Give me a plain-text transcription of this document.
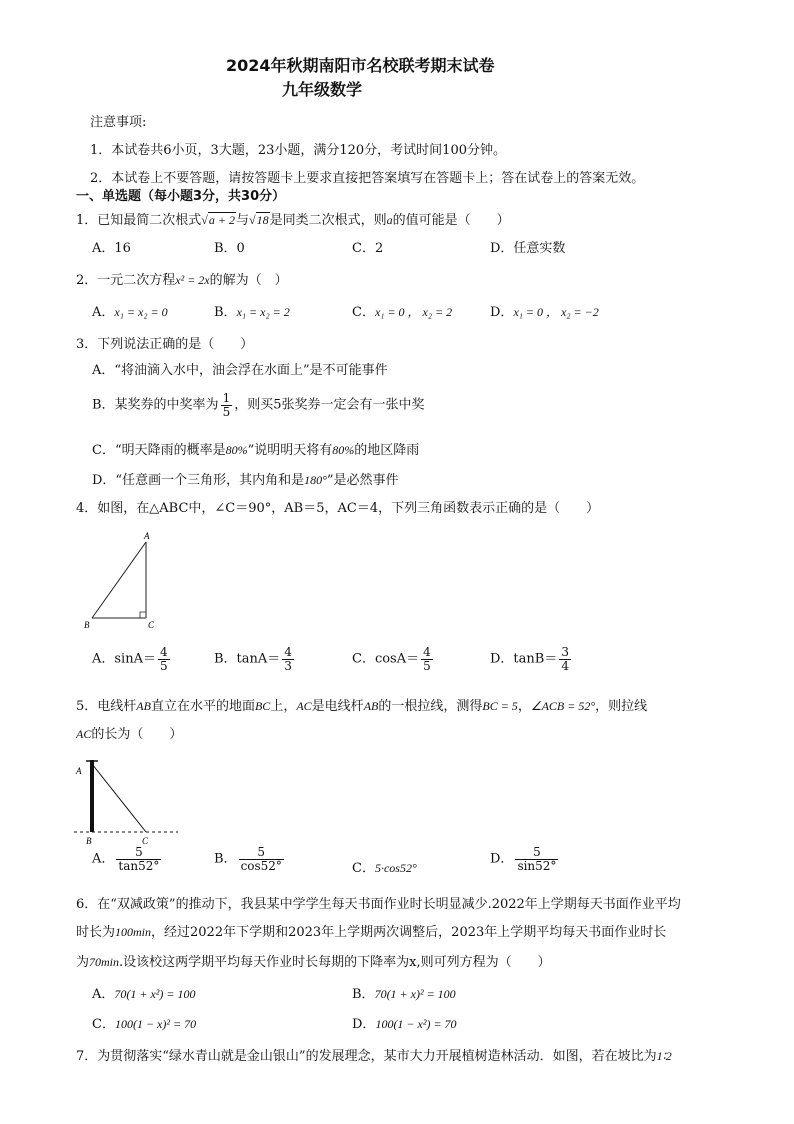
2024年秋期南阳市名校联考期末试卷
九年级数学
注意事项:
1．本试卷共6小页，3大题，23小题，满分120分，考试时间100分钟。
2．本试卷上不要答题，请按答题卡上要求直接把答案填写在答题卡上；答在试卷上的答案无效。
一、单选题（每小题3分，共30分）
1．已知最简二次根式√a + 2与√18是同类二次根式，则a的值可能是（　　）
A．16	B．0	C．2	D．任意实数
2．一元二次方程x² = 2x的解为（　）
A．x₁ = x₂ = 0	B．x₁ = x₂ = 2	C．x₁ = 0 ， x₂ = 2	D．x₁ = 0 ， x₂ = −2
3．下列说法正确的是（　　）
A．“将油滴入水中，油会浮在水面上”是不可能事件
B．某奖券的中奖率为 $\frac{1}{5}$ ，则买5张奖券一定会有一张中奖
C．“明天降雨的概率是80%”说明明天将有80%的地区降雨
D．“任意画一个三角形，其内角和是180°”是必然事件
4．如图，在△ABC中，∠C＝90°，AB＝5，AC＝4，下列三角函数表示正确的是（　　）
A
B	C
A．$\sin A= \frac{4}{5}$	B．$\tan A= \frac{4}{3}$	C．$\cos A= \frac{4}{5}$	D．$\tan B= \frac{3}{4}$
5．电线杆AB直立在水平的地面BC上，AC是电线杆AB的一根拉线，测得BC = 5，∠ACB = 52°，则拉线
AC的长为（　　）
A
B	C
A． $\frac{5}{\tan 52^\circ}$	B． $\frac{5}{\cos 52^\circ}$	C．5·cos52°
D． $\frac{5}{\sin 52^\circ}$
6．在“双减政策”的推动下，我县某中学学生每天书面作业时长明显减少.2022年上学期每天书面作业平均
时长为100min，经过2022年下学期和2023年上学期两次调整后，2023年上学期平均每天书面作业时长
为70min.设该校这两学期平均每天作业时长每期的下降率为x,则可列方程为（　　）
A．70(1 + x²) = 100	B．70(1 + x)² = 100
C．100(1 − x)² = 70	D．100(1 − x²) = 70
7．为贯彻落实“绿水青山就是金山银山”的发展理念，某市大力开展植树造林活动．如图，若在坡比为1∶2
